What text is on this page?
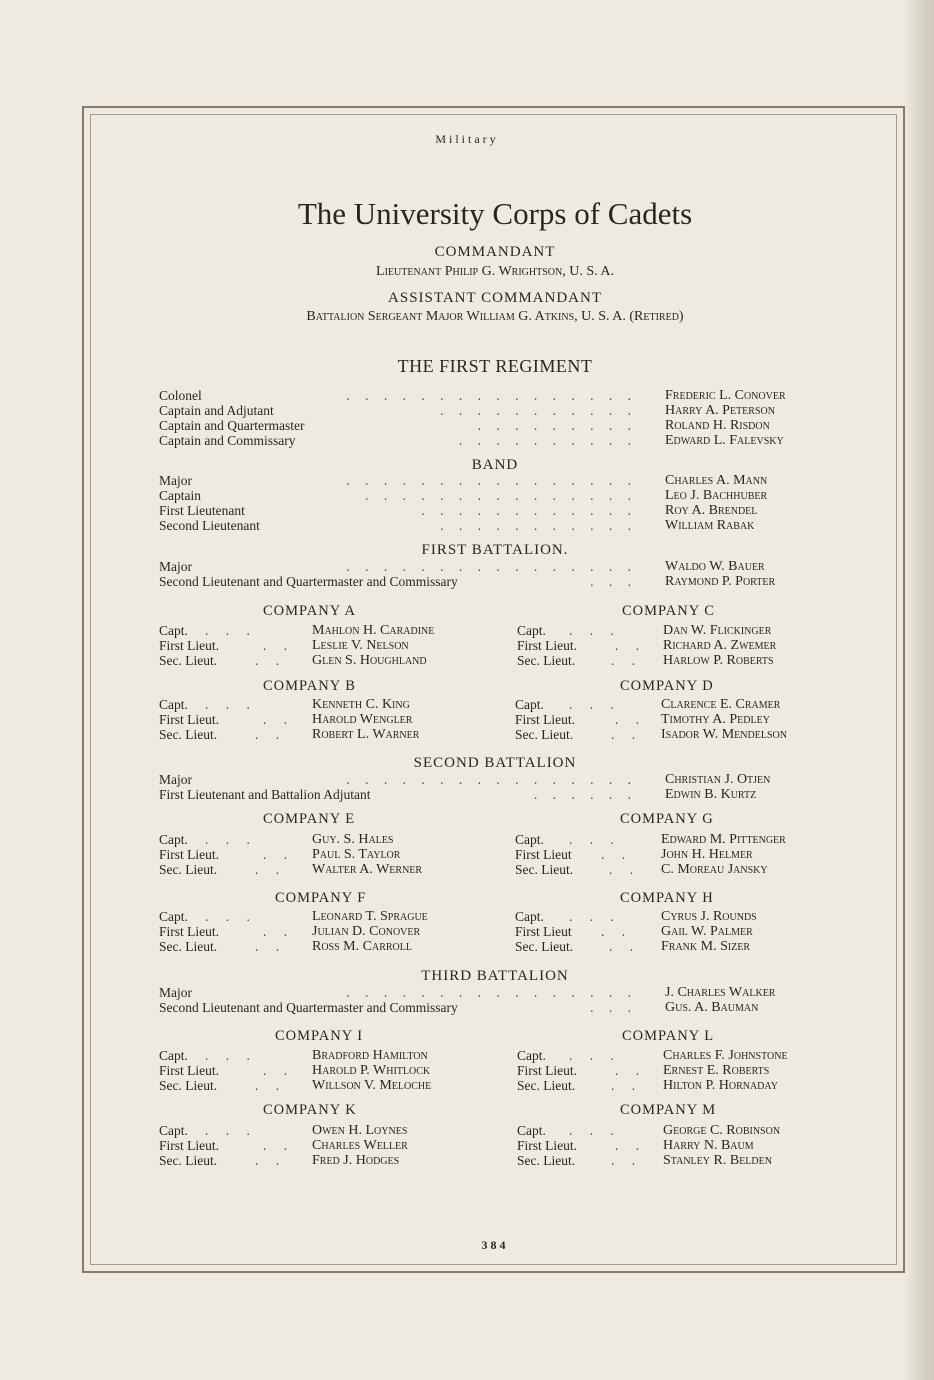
Military
The University Corps of Cadets
COMMANDANT
Lieutenant Philip G. Wrightson, U. S. A.
ASSISTANT COMMANDANT
Battalion Sergeant Major William G. Atkins, U. S. A. (Retired)
THE FIRST REGIMENT
. . . . . . . . . . . . . . . .
Colonel	Frederic L. Conover
. . . . . . . . . . .
Captain and Adjutant	Harry A. Peterson
. . . . . . . . .
Captain and Quartermaster	Roland H. Risdon
. . . . . . . . . .
Captain and Commissary	Edward L. Falevsky
BAND
. . . . . . . . . . . . . . . .
Major	Charles A. Mann
. . . . . . . . . . . . . . .
Captain	Leo J. Bachhuber
. . . . . . . . . . . .
First Lieutenant	Roy A. Brendel
. . . . . . . . . . .
Second Lieutenant	William Rabak
FIRST BATTALION.
. . . . . . . . . . . . . . . .
Major	Waldo W. Bauer
. . .
Second Lieutenant and Quartermaster and Commissary	Raymond P. Porter
COMPANY A	COMPANY C
Capt. . . .	Mahlon H. Caradine
First Lieut.	. . Leslie V. Nelson
Sec. Lieut.	. . Glen S. Houghland
Capt. . . .	Dan W. Flickinger
First Lieut.	. . Richard A. Zwemer
Sec. Lieut.	. . Harlow P. Roberts
COMPANY B	COMPANY D
Capt. . . .	Kenneth C. King
First Lieut.	. . Harold Wengler
Sec. Lieut.	. . Robert L. Warner
Capt. . . .	Clarence E. Cramer
First Lieut.	. . Timothy A. Pedley
Sec. Lieut.	. . Isador W. Mendelson
SECOND BATTALION
. . . . . . . . . . . . . . . .
Major	Christian J. Otjen
. . . . . .
First Lieutenant and Battalion Adjutant	Edwin B. Kurtz
COMPANY E	COMPANY G
Capt. . . .	Guy. S. Hales
First Lieut.	. . Paul S. Taylor
Sec. Lieut.	. . Walter A. Werner
Capt. . . .	Edward M. Pittenger
First Lieut . . John H. Helmer
Sec. Lieut.	. . C. Moreau Jansky
COMPANY F	COMPANY H
Capt. . . .	Leonard T. Sprague
First Lieut.	. . Julian D. Conover
Sec. Lieut.	. . Ross M. Carroll
Capt. . . .	Cyrus J. Rounds
First Lieut . . Gail W. Palmer
Sec. Lieut.	. . Frank M. Sizer
THIRD BATTALION
. . . . . . . . . . . . . . . .
Major	J. Charles Walker
. . .
Second Lieutenant and Quartermaster and Commissary	Gus. A. Bauman
COMPANY I	COMPANY L
Capt. . . .	Bradford Hamilton
First Lieut.	. . Harold P. Whitlock
Sec. Lieut.	. . Willson V. Meloche
Capt. . . .	Charles F. Johnstone
First Lieut.	. . Ernest E. Roberts
Sec. Lieut.	. . Hilton P. Hornaday
COMPANY K	COMPANY M
Capt. . . .	Owen H. Loynes
First Lieut.	. . Charles Weller
Sec. Lieut.	. . Fred J. Hodges
Capt. . . .	George C. Robinson
First Lieut.	. . Harry N. Baum
Sec. Lieut.	. . Stanley R. Belden
384
